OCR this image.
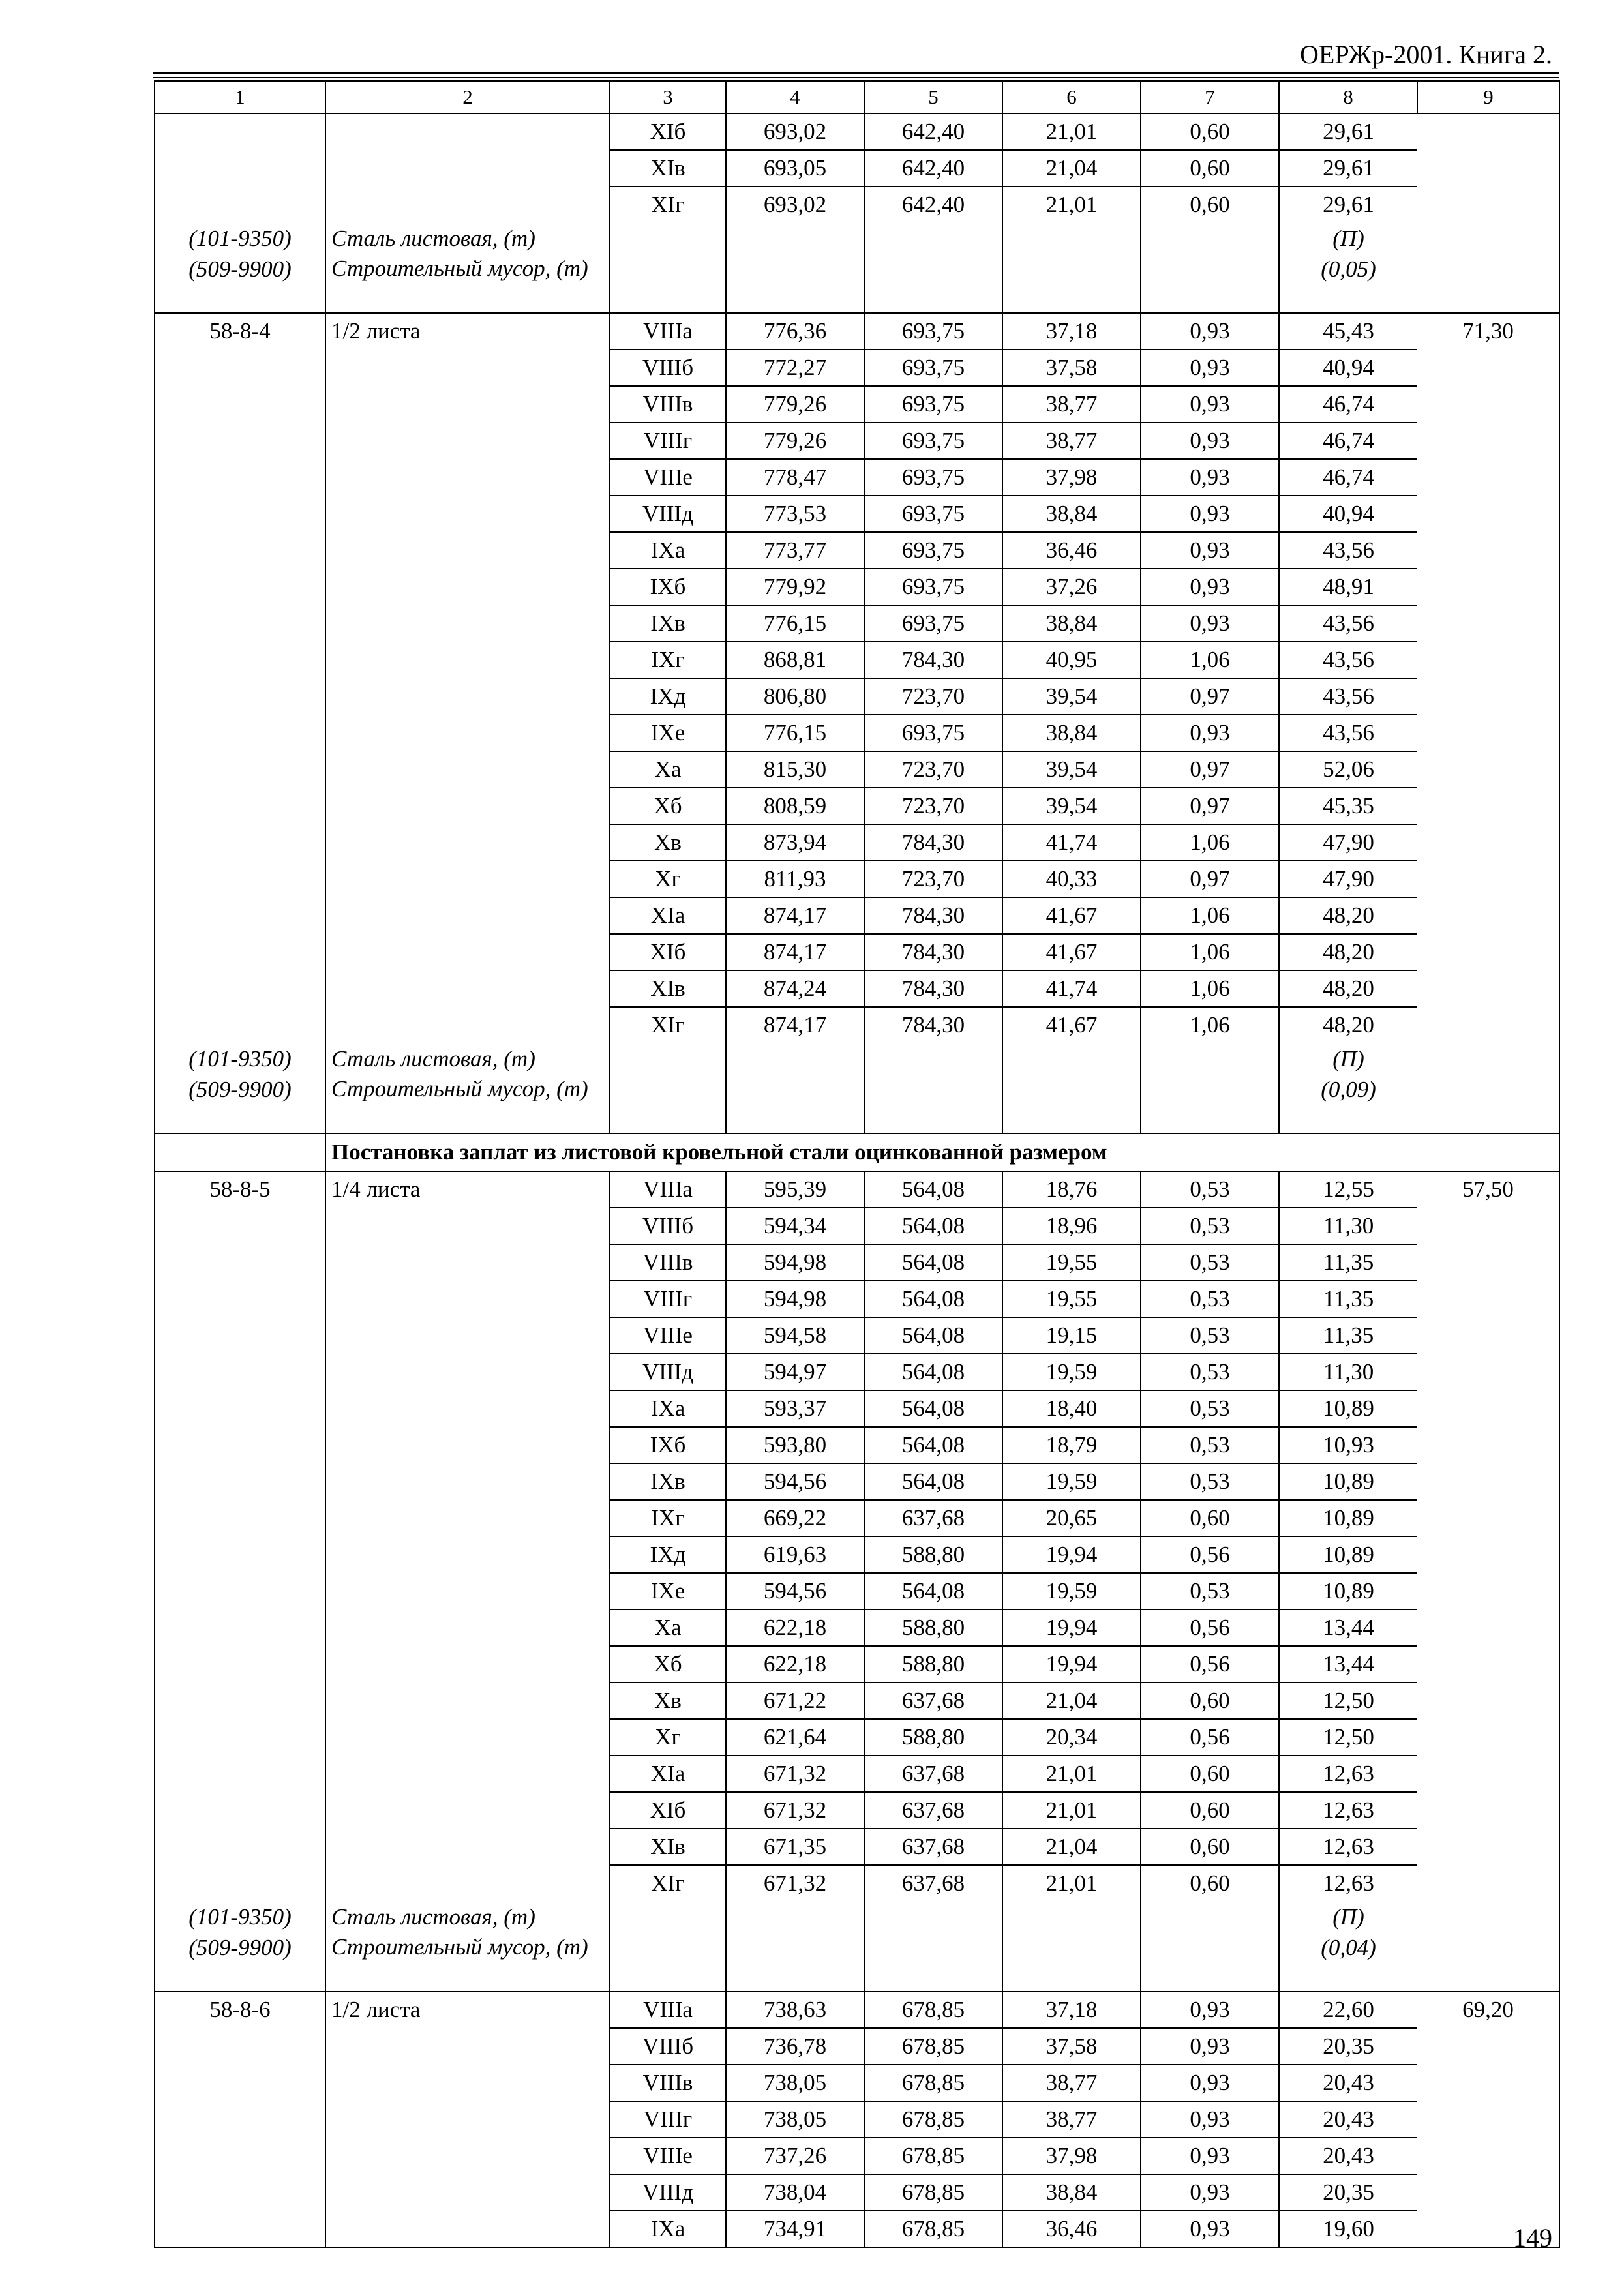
ОЕРЖр-2001. Книга 2.
1	2	3	4	5	6	7	8	9
		XIб	693,02	642,40	21,01	0,60	29,61	
		XIв	693,05	642,40	21,04	0,60	29,61	
		XIг	693,02	642,40	21,01	0,60	29,61	
(101-9350)	Сталь листовая, (т)						(П)	
(509-9900)	Строительный мусор, (т)						(0,05)	
58-8-4	1/2 листа	VIIIа	776,36	693,75	37,18	0,93	45,43	71,30
		VIIIб	772,27	693,75	37,58	0,93	40,94	
		VIIIв	779,26	693,75	38,77	0,93	46,74	
		VIIIг	779,26	693,75	38,77	0,93	46,74	
		VIIIе	778,47	693,75	37,98	0,93	46,74	
		VIIIд	773,53	693,75	38,84	0,93	40,94	
		IXа	773,77	693,75	36,46	0,93	43,56	
		IXб	779,92	693,75	37,26	0,93	48,91	
		IXв	776,15	693,75	38,84	0,93	43,56	
		IXг	868,81	784,30	40,95	1,06	43,56	
		IXд	806,80	723,70	39,54	0,97	43,56	
		IXе	776,15	693,75	38,84	0,93	43,56	
		Xа	815,30	723,70	39,54	0,97	52,06	
		Xб	808,59	723,70	39,54	0,97	45,35	
		Xв	873,94	784,30	41,74	1,06	47,90	
		Xг	811,93	723,70	40,33	0,97	47,90	
		XIа	874,17	784,30	41,67	1,06	48,20	
		XIб	874,17	784,30	41,67	1,06	48,20	
		XIв	874,24	784,30	41,74	1,06	48,20	
		XIг	874,17	784,30	41,67	1,06	48,20	
(101-9350)	Сталь листовая, (т)						(П)	
(509-9900)	Строительный мусор, (т)						(0,09)	
	Постановка заплат из листовой кровельной стали оцинкованной размером							
58-8-5	1/4 листа	VIIIа	595,39	564,08	18,76	0,53	12,55	57,50
		VIIIб	594,34	564,08	18,96	0,53	11,30	
		VIIIв	594,98	564,08	19,55	0,53	11,35	
		VIIIг	594,98	564,08	19,55	0,53	11,35	
		VIIIе	594,58	564,08	19,15	0,53	11,35	
		VIIIд	594,97	564,08	19,59	0,53	11,30	
		IXа	593,37	564,08	18,40	0,53	10,89	
		IXб	593,80	564,08	18,79	0,53	10,93	
		IXв	594,56	564,08	19,59	0,53	10,89	
		IXг	669,22	637,68	20,65	0,60	10,89	
		IXд	619,63	588,80	19,94	0,56	10,89	
		IXе	594,56	564,08	19,59	0,53	10,89	
		Xа	622,18	588,80	19,94	0,56	13,44	
		Xб	622,18	588,80	19,94	0,56	13,44	
		Xв	671,22	637,68	21,04	0,60	12,50	
		Xг	621,64	588,80	20,34	0,56	12,50	
		XIа	671,32	637,68	21,01	0,60	12,63	
		XIб	671,32	637,68	21,01	0,60	12,63	
		XIв	671,35	637,68	21,04	0,60	12,63	
		XIг	671,32	637,68	21,01	0,60	12,63	
(101-9350)	Сталь листовая, (т)						(П)	
(509-9900)	Строительный мусор, (т)						(0,04)	
58-8-6	1/2 листа	VIIIа	738,63	678,85	37,18	0,93	22,60	69,20
		VIIIб	736,78	678,85	37,58	0,93	20,35	
		VIIIв	738,05	678,85	38,77	0,93	20,43	
		VIIIг	738,05	678,85	38,77	0,93	20,43	
		VIIIе	737,26	678,85	37,98	0,93	20,43	
		VIIIд	738,04	678,85	38,84	0,93	20,35	
		IXа	734,91	678,85	36,46	0,93	19,60		149
